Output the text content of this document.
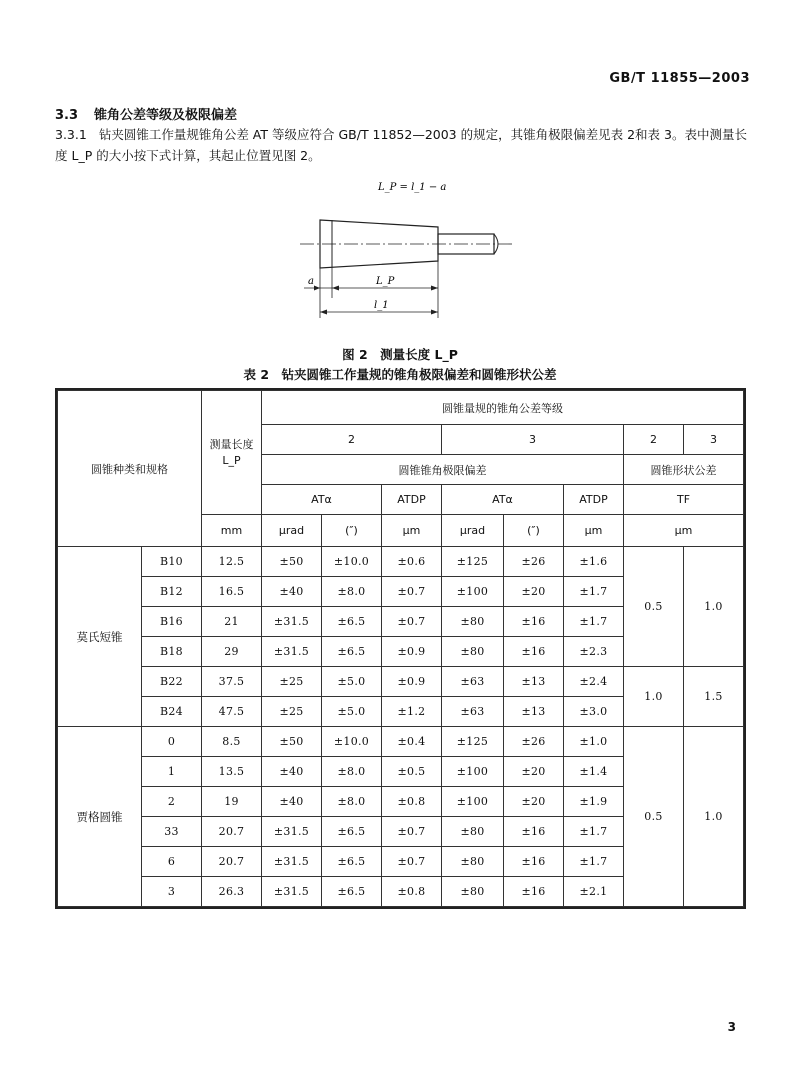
GB/T 11855—2003
3.3 锥角公差等级及极限偏差
3.3.1 钻夹圆锥工作量规锥角公差 AT 等级应符合 GB/T 11852—2003 的规定，其锥角极限偏差见表 2和表 3。表中测量长度 L_P 的大小按下式计算，其起止位置见图 2。
L_P = l_1 − a
a	L_P
l_1
图 2　测量长度 L_P
表 2　钻夹圆锥工作量规的锥角极限偏差和圆锥形状公差
圆锥种类和规格		测量长度 L_P	圆锥量规的锥角公差等级							
			2			3			2	3
			圆锥锥角极限偏差						圆锥形状公差	
			ATα		ATDP	ATα		ATDP	TF	
		mm	μrad	(″)	μm	μrad	(″)	μm	μm	
莫氏短锥	B10	12.5	±50	±10.0	±0.6	±125	±26	±1.6	0.5	1.0
	B12	16.5	±40	±8.0	±0.7	±100	±20	±1.7		
	B16	21	±31.5	±6.5	±0.7	±80	±16	±1.7		
	B18	29	±31.5	±6.5	±0.9	±80	±16	±2.3		
	B22	37.5	±25	±5.0	±0.9	±63	±13	±2.4	1.0	1.5
	B24	47.5	±25	±5.0	±1.2	±63	±13	±3.0		
贾格圆锥	0	8.5	±50	±10.0	±0.4	±125	±26	±1.0	0.5	1.0
	1	13.5	±40	±8.0	±0.5	±100	±20	±1.4		
	2	19	±40	±8.0	±0.8	±100	±20	±1.9		
	33	20.7	±31.5	±6.5	±0.7	±80	±16	±1.7		
	6	20.7	±31.5	±6.5	±0.7	±80	±16	±1.7		
	3	26.3	±31.5	±6.5	±0.8	±80	±16	±2.1		
3
